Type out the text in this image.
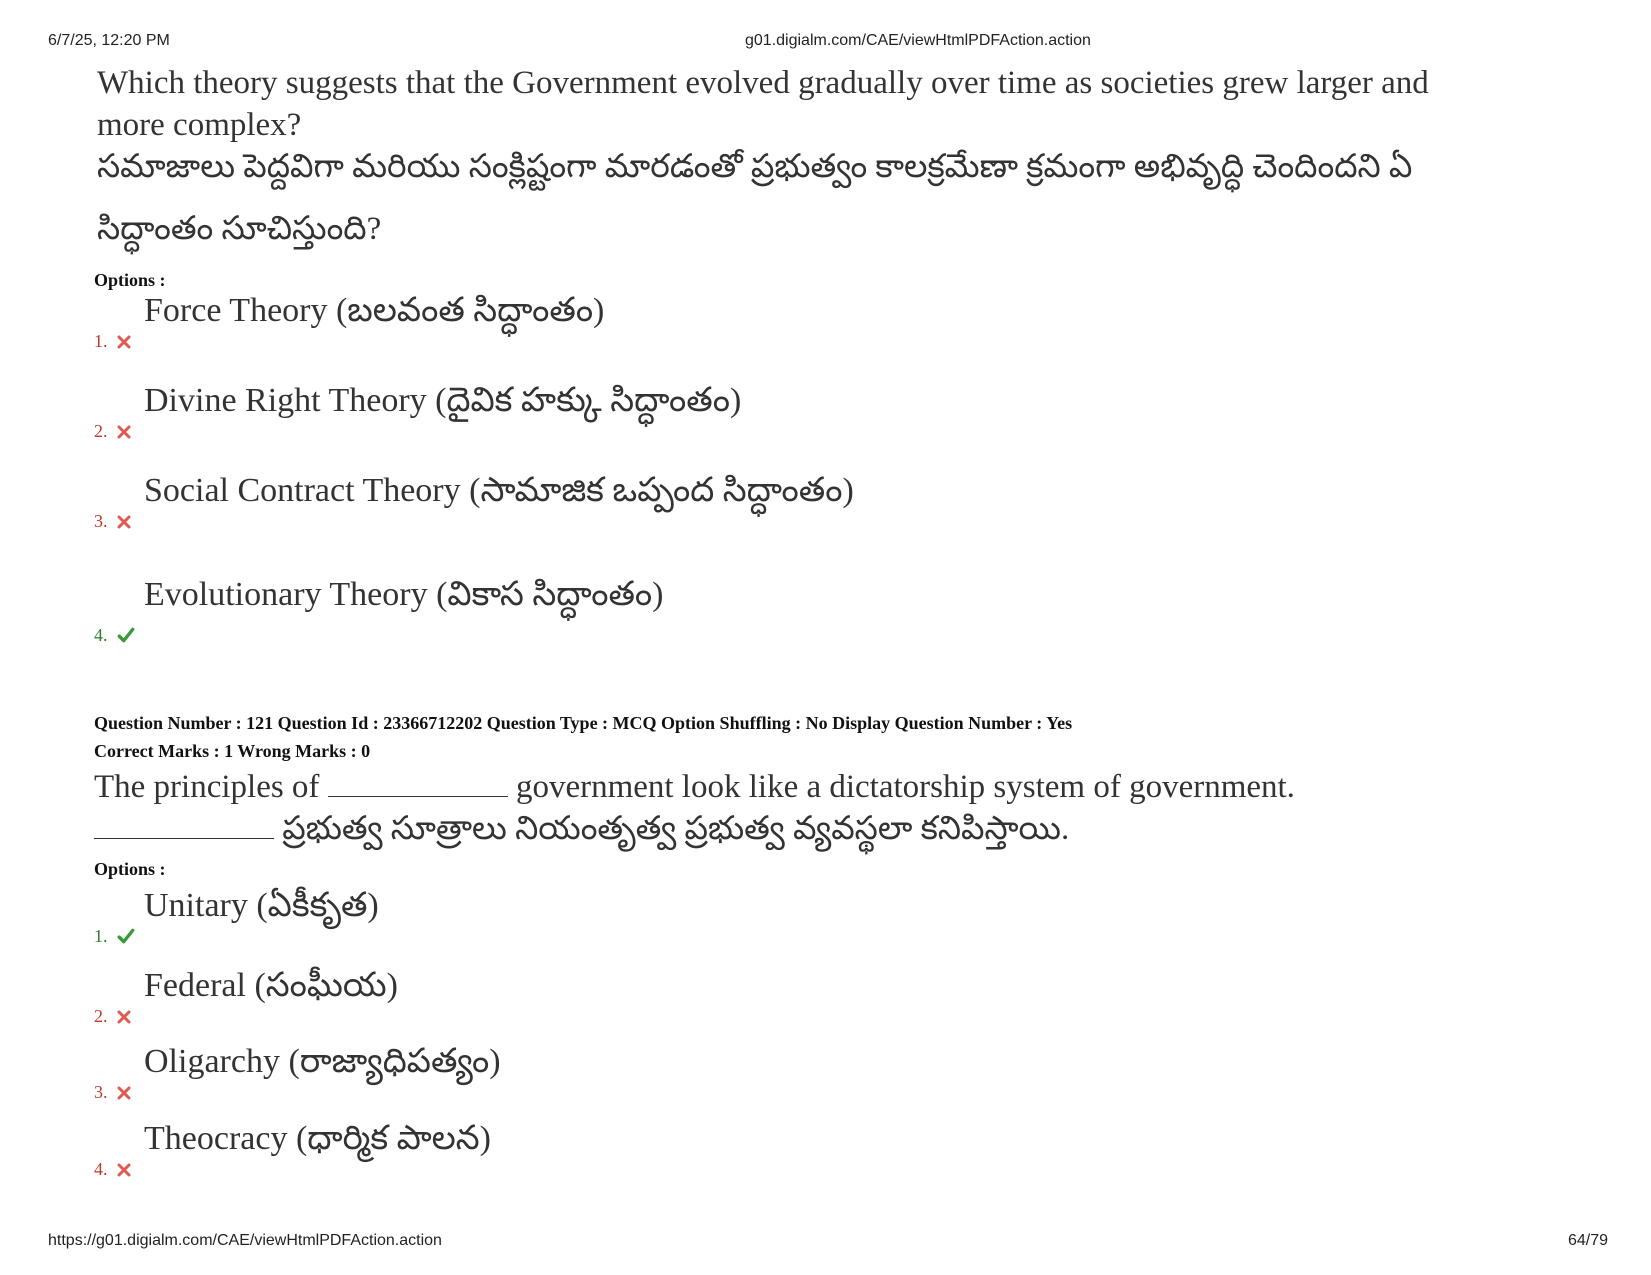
6/7/25, 12:20 PM	g01.digialm.com/CAE/viewHtmlPDFAction.action

Which theory suggests that the Government evolved gradually over time as societies grew larger and

more complex?

సమాజాలు పెద్దవిగా మరియు సంక్లిష్టంగా మారడంతో ప్రభుత్వం కాలక్రమేణా క్రమంగా అభివృద్ధి చెందిందని ఏ

సిద్ధాంతం సూచిస్తుంది?

Options :
1.
Force Theory (బలవంత సిద్ధాంతం)
2.
Divine Right Theory (దైవిక హక్కు సిద్ధాంతం)
3.
Social Contract Theory (సామాజిక ఒప్పంద సిద్ధాంతం)
4.
Evolutionary Theory (వికాస సిద్ధాంతం)
Question Number : 121 Question Id : 23366712202 Question Type : MCQ Option Shuffling : No Display Question Number : Yes
Correct Marks : 1 Wrong Marks : 0

The principles of	government look like a dictatorship system of government.

ప్రభుత్వ సూత్రాలు నియంతృత్వ ప్రభుత్వ వ్యవస్థలా కనిపిస్తాయి.

Options :
1.
Unitary (ఏకీకృత)
2.
Federal (సంఘీయ)
3.
Oligarchy (రాజ్యాధిపత్యం)
4.
Theocracy (ధార్మిక పాలన)
https://g01.digialm.com/CAE/viewHtmlPDFAction.action	64/79
